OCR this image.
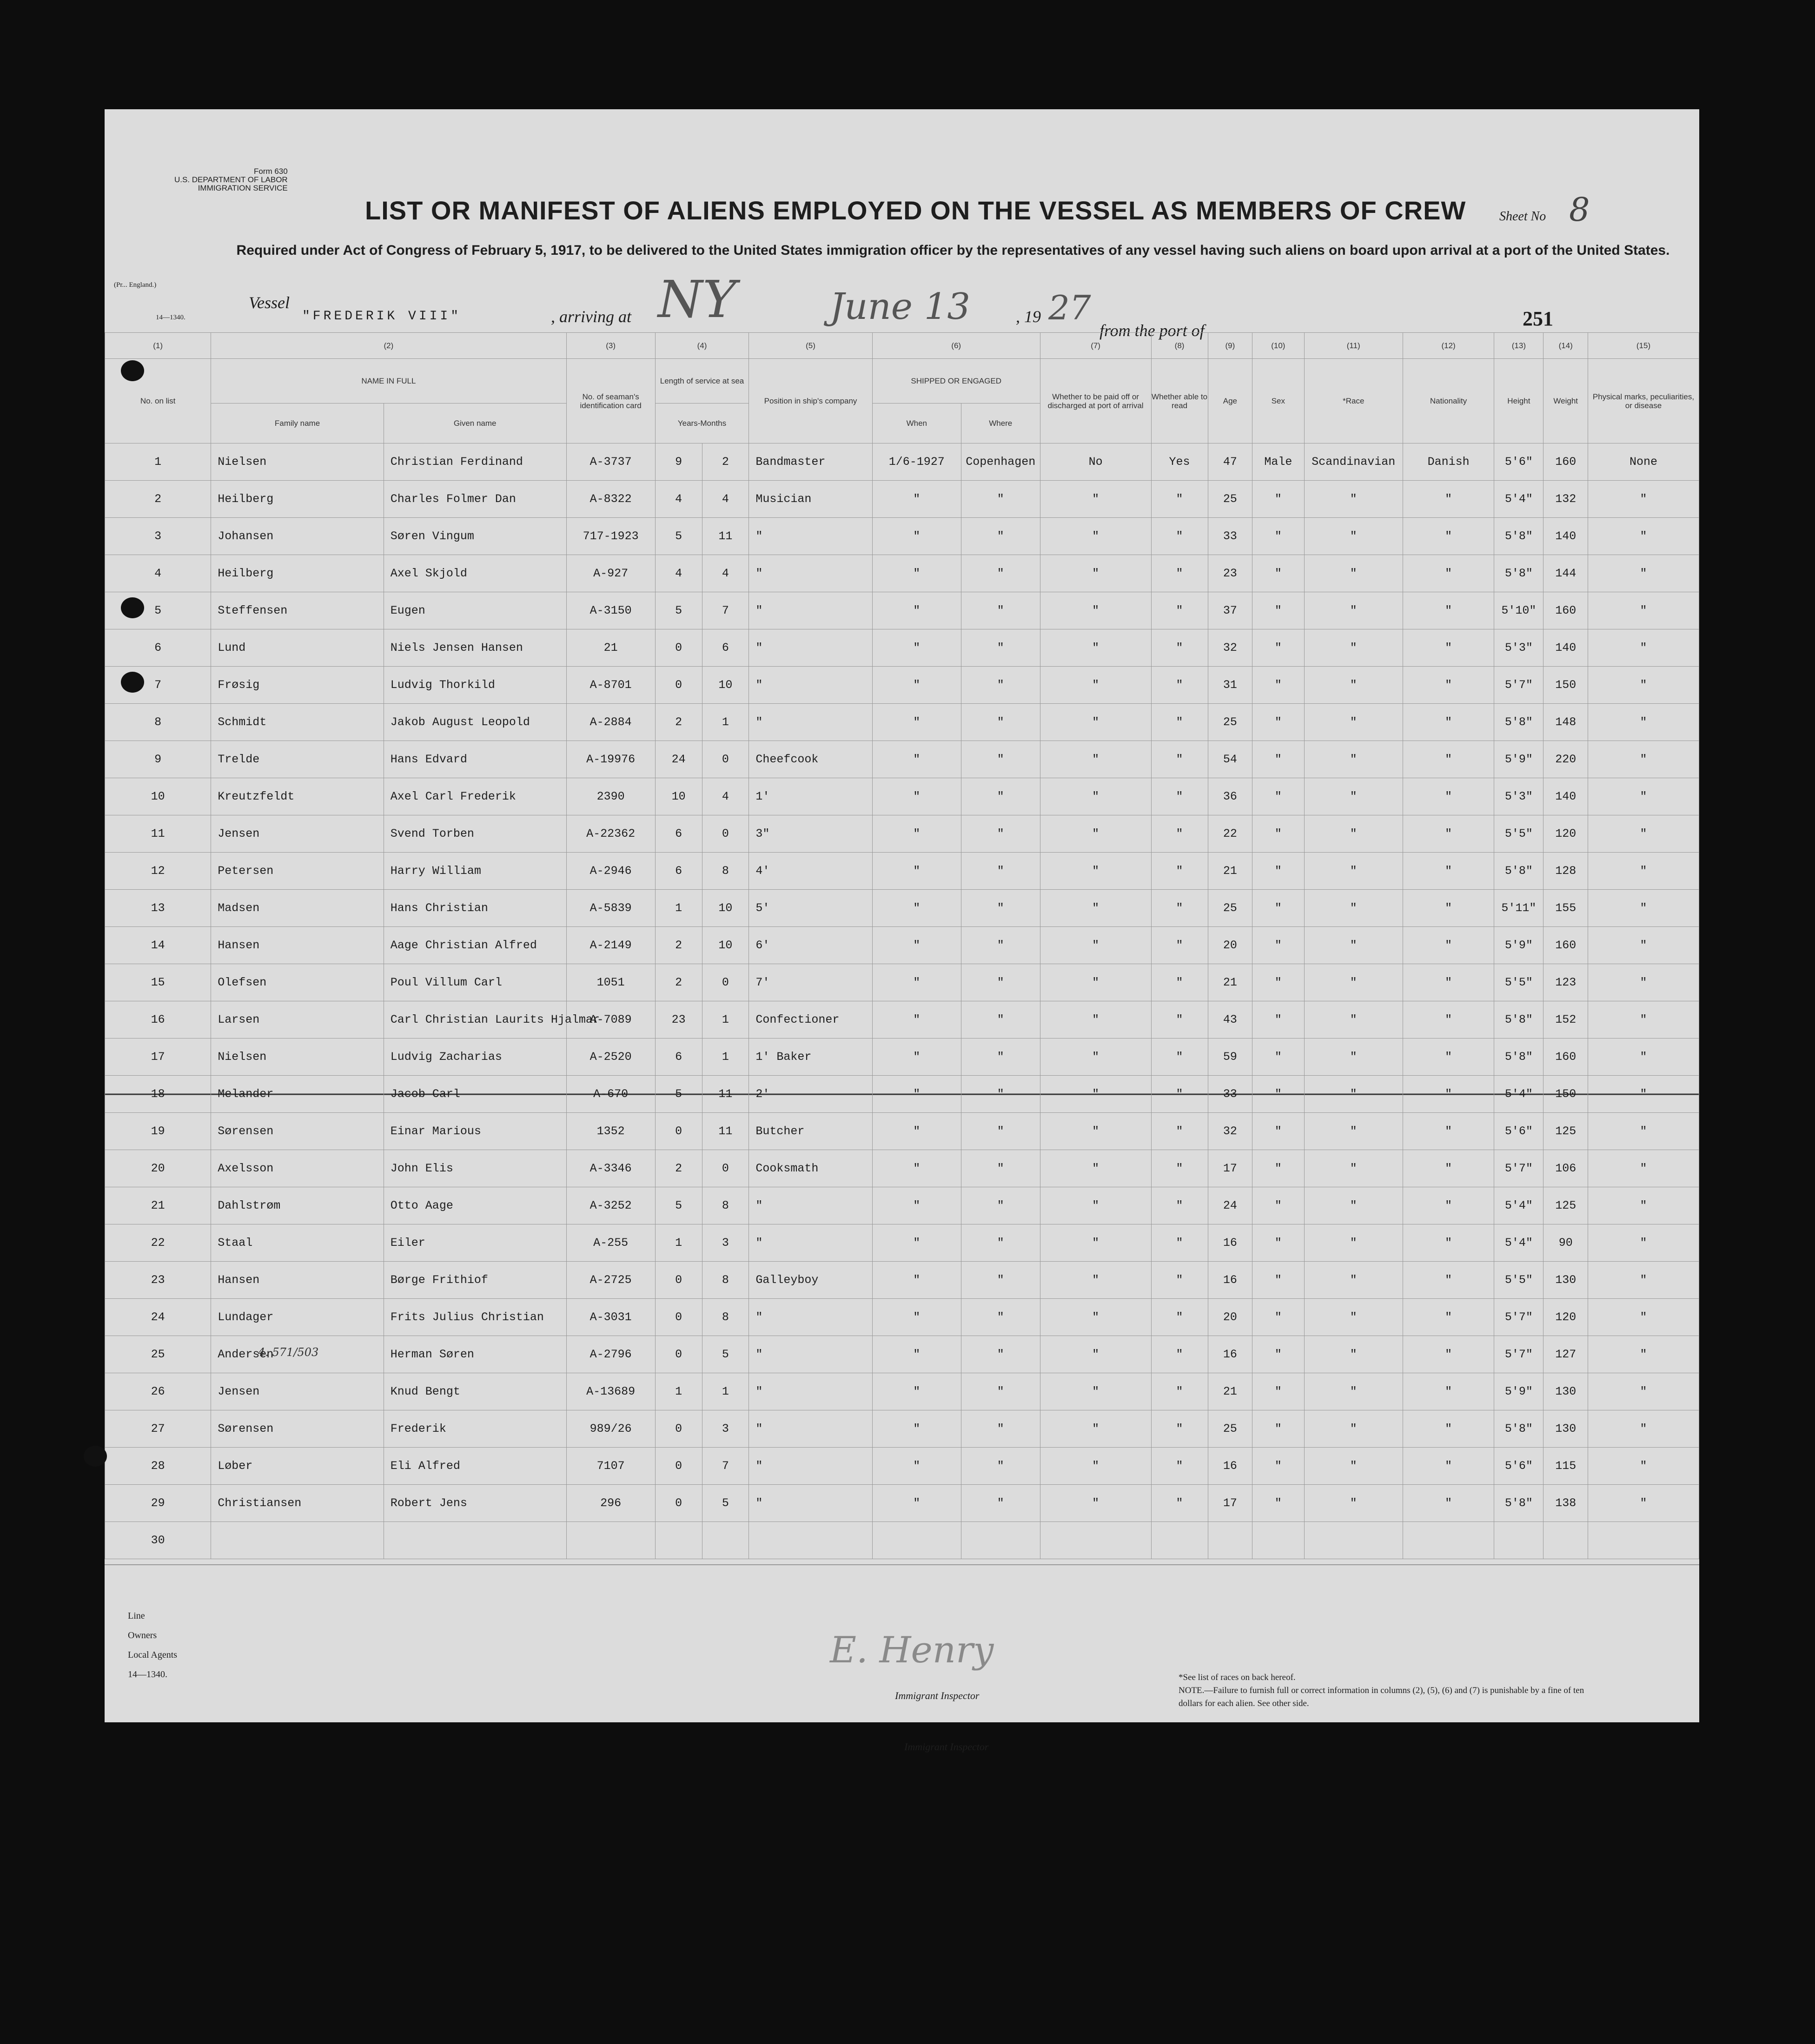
Form 630
U.S. DEPARTMENT OF LABOR
IMMIGRATION SERVICE
LIST OR MANIFEST OF ALIENS EMPLOYED ON THE VESSEL AS MEMBERS OF CREW	Sheet No 8
Required under Act of Congress of February 5, 1917, to be delivered to the United States immigration officer by the representatives of any vessel having such aliens on board upon arrival at a port of the United States.
(Pr... England.)
14—1340.
Vessel
"FREDERIK VIII"	, arriving at NY	June 13	, 19 27
from the port of
251
(1)	(2)		(3)	(4)		(5)	(6)		(7)	(8)	(9)	(10)	(11)	(12)	(13)	(14)	(15)
No. on list	NAME IN FULL		No. of seaman's identification card	Length of service at sea		Position in ship's company	SHIPPED OR ENGAGED		Whether to be paid off or discharged at port of arrival	Whether able to read	Age	Sex	*Race	Nationality	Height	Weight	Physical marks, peculiarities, or disease
	Family name	Given name		Years-Months			When	Where									
1	Nielsen	Christian Ferdinand	A-3737	9	2	Bandmaster	1/6-1927	Copenhagen	No	Yes	47	Male	Scandinavian	Danish	5'6"	160	None
2	Heilberg	Charles Folmer Dan	A-8322	4	4	Musician	"	"	"	"	25	"	"	"	5'4"	132	"
3	Johansen	Søren Vingum	717-1923	5	11	"	"	"	"	"	33	"	"	"	5'8"	140	"
4	Heilberg	Axel Skjold	A-927	4	4	"	"	"	"	"	23	"	"	"	5'8"	144	"
5	Steffensen	Eugen	A-3150	5	7	"	"	"	"	"	37	"	"	"	5'10"	160	"
6	Lund	Niels Jensen Hansen	21	0	6	"	"	"	"	"	32	"	"	"	5'3"	140	"
7	Frøsig	Ludvig Thorkild	A-8701	0	10	"	"	"	"	"	31	"	"	"	5'7"	150	"
8	Schmidt	Jakob August Leopold	A-2884	2	1	"	"	"	"	"	25	"	"	"	5'8"	148	"
9	Trelde	Hans Edvard	A-19976	24	0	Cheefcook	"	"	"	"	54	"	"	"	5'9"	220	"
10	Kreutzfeldt	Axel Carl Frederik	2390	10	4	1'	"	"	"	"	36	"	"	"	5'3"	140	"
11	Jensen	Svend Torben	A-22362	6	0	3"	"	"	"	"	22	"	"	"	5'5"	120	"
12	Petersen	Harry William	A-2946	6	8	4'	"	"	"	"	21	"	"	"	5'8"	128	"
13	Madsen	Hans Christian	A-5839	1	10	5'	"	"	"	"	25	"	"	"	5'11"	155	"
14	Hansen	Aage Christian Alfred	A-2149	2	10	6'	"	"	"	"	20	"	"	"	5'9"	160	"
15	Olefsen	Poul Villum Carl	1051	2	0	7'	"	"	"	"	21	"	"	"	5'5"	123	"
16	Larsen	Carl Christian Laurits Hjalmar	A-7089	23	1	Confectioner	"	"	"	"	43	"	"	"	5'8"	152	"
17	Nielsen	Ludvig Zacharias	A-2520	6	1	1' Baker	"	"	"	"	59	"	"	"	5'8"	160	"
18	Melander	Jacob Carl	A-670	5	11	2'	"	"	"	"	33	"	"	"	5'4"	150	"
19	Sørensen	Einar Marious	1352	0	11	Butcher	"	"	"	"	32	"	"	"	5'6"	125	"
20	Axelsson	John Elis	A-3346	2	0	Cooksmath	"	"	"	"	17	"	"	"	5'7"	106	"
21	Dahlstrøm	Otto Aage	A-3252	5	8	"	"	"	"	"	24	"	"	"	5'4"	125	"
22	Staal	Eiler	A-255	1	3	"	"	"	"	"	16	"	"	"	5'4"	90	"
23	Hansen	Børge Frithiof	A-2725	0	8	Galleyboy	"	"	"	"	16	"	"	"	5'5"	130	"
24	Lundager	Frits Julius Christian	A-3031	0	8	"	"	"	"	"	20	"	"	"	5'7"	120	"
25	Andersen	Herman Søren	A-2796	0	5	"	"	"	"	"	16	"	"	"	5'7"	127	"
26	Jensen	Knud Bengt	A-13689	1	1	"	"	"	"	"	21	"	"	"	5'9"	130	"
27	Sørensen	Frederik	989/26	0	3	"	"	"	"	"	25	"	"	"	5'8"	130	"
28	Løber	Eli Alfred	7107	0	7	"	"	"	"	"	16	"	"	"	5'6"	115	"
29	Christiansen	Robert Jens	296	0	5	"	"	"	"	"	17	"	"	"	5'8"	138	"
30																	
4. 571/503
Line
Owners
Local Agents
14—1340.
E. Henry
Immigrant Inspector
Immigrant Inspector
*See list of races on back hereof.
NOTE.—Failure to furnish full or correct information in columns (2), (5), (6) and (7) is punishable by a fine of ten dollars for each alien. See other side.
